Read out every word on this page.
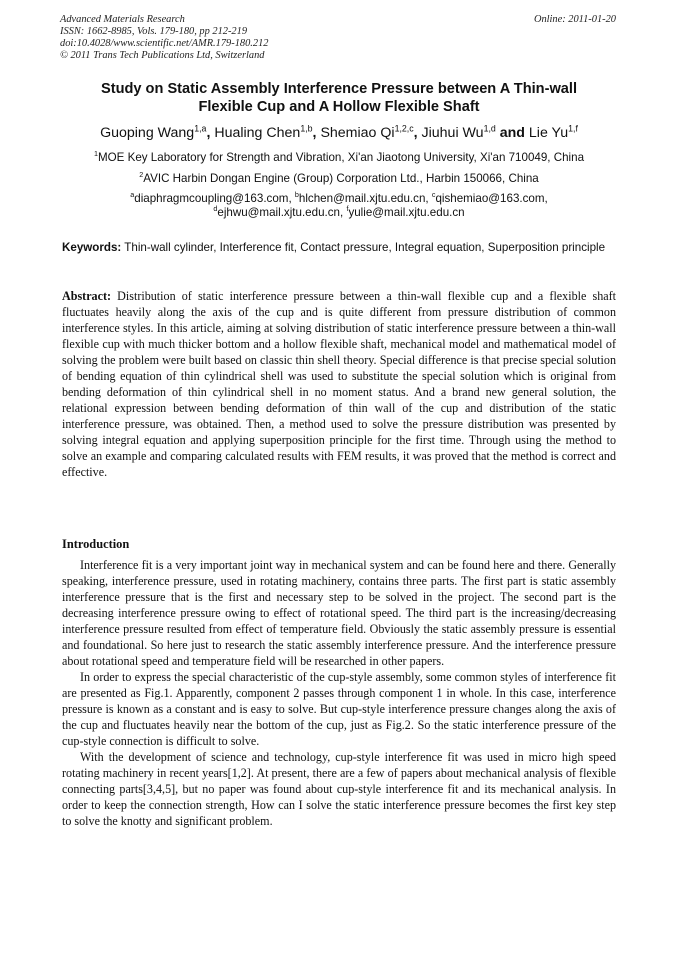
Advanced Materials Research
ISSN: 1662-8985, Vols. 179-180, pp 212-219
doi:10.4028/www.scientific.net/AMR.179-180.212
© 2011 Trans Tech Publications Ltd, Switzerland
Online: 2011-01-20
Study on Static Assembly Interference Pressure between A Thin-wall
Flexible Cup and A Hollow Flexible Shaft
Guoping Wang$^{1,a}$, Hualing Chen$^{1,b}$, Shemiao Qi$^{1,2,c}$, Jiuhui Wu$^{1,d}$ and Lie Yu$^{1,f}$
$^1$MOE Key Laboratory for Strength and Vibration, Xi'an Jiaotong University, Xi'an 710049, China
$^2$AVIC Harbin Dongan Engine (Group) Corporation Ltd., Harbin 150066, China
$^a$diaphragmcoupling@163.com, $^b$hlchen@mail.xjtu.edu.cn, $^c$qishemiao@163.com,
$^d$ejhwu@mail.xjtu.edu.cn, $^f$yulie@mail.xjtu.edu.cn
Keywords: Thin-wall cylinder, Interference fit, Contact pressure, Integral equation, Superposition principle
Abstract: Distribution of static interference pressure between a thin-wall flexible cup and a flexible shaft fluctuates heavily along the axis of the cup and is quite different from pressure distribution of common interference styles. In this article, aiming at solving distribution of static interference pressure between a thin-wall flexible cup with much thicker bottom and a hollow flexible shaft, mechanical model and mathematical model of solving the problem were built based on classic thin shell theory. Special difference is that precise special solution of bending equation of thin cylindrical shell was used to substitute the special solution which is original from bending deformation of thin cylindrical shell in no moment status. And a brand new general solution, the relational expression between bending deformation of thin wall of the cup and distribution of the static interference pressure, was obtained. Then, a method used to solve the pressure distribution was presented by solving integral equation and applying superposition principle for the first time. Through using the method to solve an example and comparing calculated results with FEM results, it was proved that the method is correct and effective.
Introduction

Interference fit is a very important joint way in mechanical system and can be found here and there. Generally speaking, interference pressure, used in rotating machinery, contains three parts. The first part is static assembly interference pressure that is the first and necessary step to be solved in the project. The second part is the decreasing interference pressure owing to effect of rotational speed. The third part is the increasing/decreasing interference pressure resulted from effect of temperature field. Obviously the static assembly pressure is essential and foundational. So here just to research the static assembly interference pressure. And the interference pressure about rotational speed and temperature field will be researched in other papers.

In order to express the special characteristic of the cup-style assembly, some common styles of interference fit are presented as Fig.1. Apparently, component 2 passes through component 1 in whole. In this case, interference pressure is known as a constant and is easy to solve. But cup-style interference pressure changes along the axis of the cup and fluctuates heavily near the bottom of the cup, just as Fig.2. So the static interference pressure of the cup-style connection is difficult to solve.

With the development of science and technology, cup-style interference fit was used in micro high speed rotating machinery in recent years[1,2]. At present, there are a few of papers about mechanical analysis of flexible connecting parts[3,4,5], but no paper was found about cup-style interference fit and its mechanical analysis. In order to keep the connection strength, How can I solve the static interference pressure becomes the first key step to solve the knotty and significant problem.
